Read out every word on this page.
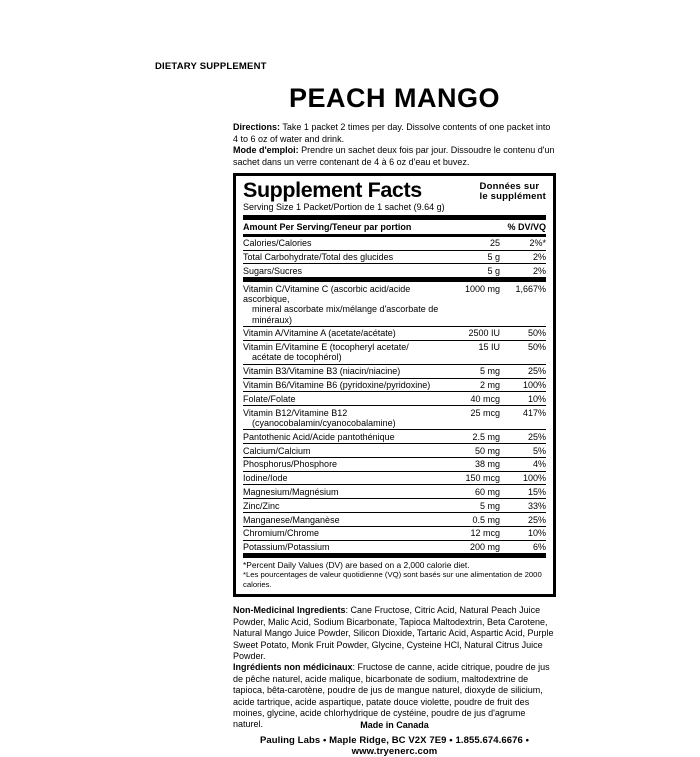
DIETARY SUPPLEMENT
PEACH MANGO
Directions: Take 1 packet 2 times per day. Dissolve contents of one packet into 4 to 6 oz of water and drink.
Mode d'emploi: Prendre un sachet deux fois par jour. Dissoudre le contenu d'un sachet dans un verre contenant de 4 à 6 oz d'eau et buvez.
Supplement Facts	Données sur
le supplément
Serving Size 1 Packet/Portion de 1 sachet (9.64 g)
Amount Per Serving/Teneur par portion	% DV/VQ
Calories/Calories	25	2%*
Total Carbohydrate/Total des glucides	5 g	2%
Sugars/Sucres	5 g	2%
Vitamin C/Vitamine C (ascorbic acid/acide ascorbique,
mineral ascorbate mix/mélange d'ascorbate de minéraux)
1000 mg	1,667%
Vitamin A/Vitamine A (acetate/acétate)	2500 IU	50%
Vitamin E/Vitamine E (tocopheryl acetate/
acétate de tocophérol)
15 IU	50%
Vitamin B3/Vitamine B3 (niacin/niacine)	5 mg	25%
Vitamin B6/Vitamine B6 (pyridoxine/pyridoxine)	2 mg	100%
Folate/Folate	40 mcg	10%
Vitamin B12/Vitamine B12
(cyanocobalamin/cyanocobalamine)
25 mcg	417%
Pantothenic Acid/Acide pantothénique	2.5 mg	25%
Calcium/Calcium	50 mg	5%
Phosphorus/Phosphore	38 mg	4%
Iodine/Iode	150 mcg	100%
Magnesium/Magnésium	60 mg	15%
Zinc/Zinc	5 mg	33%
Manganese/Manganèse	0.5 mg	25%
Chromium/Chrome	12 mcg	10%
Potassium/Potassium	200 mg	6%
*Percent Daily Values (DV) are based on a 2,000 calorie diet.
*Les pourcentages de valeur quotidienne (VQ) sont basés sur une alimentation de 2000 calories.
Non-Medicinal Ingredients: Cane Fructose, Citric Acid, Natural Peach Juice Powder, Malic Acid, Sodium Bicarbonate, Tapioca Maltodextrin, Beta Carotene, Natural Mango Juice Powder, Silicon Dioxide, Tartaric Acid, Aspartic Acid, Purple Sweet Potato, Monk Fruit Powder, Glycine, Cysteine HCl, Natural Citrus Juice Powder.
Ingrédients non médicinaux: Fructose de canne, acide citrique, poudre de jus de pêche naturel, acide malique, bicarbonate de sodium, maltodextrine de tapioca, bêta-carotène, poudre de jus de mangue naturel, dioxyde de silicium, acide tartrique, acide aspartique, patate douce violette, poudre de fruit des moines, glycine, acide chlorhydrique de cystéine, poudre de jus d'agrume naturel.	Made in Canada
Pauling Labs • Maple Ridge, BC V2X 7E9 • 1.855.674.6676 • www.tryenerc.com
